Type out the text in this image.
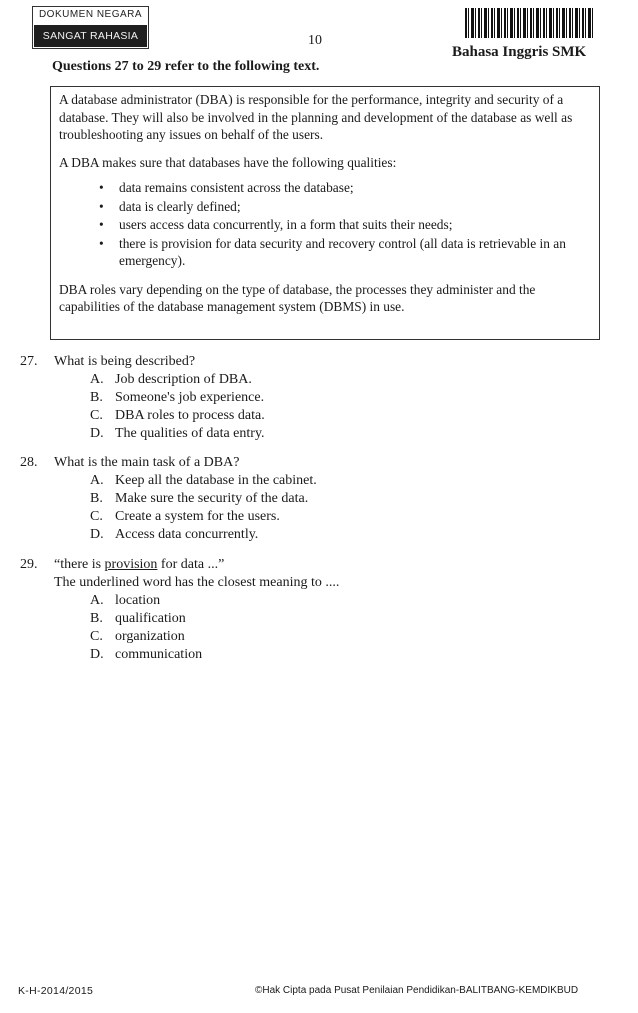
DOKUMEN NEGARA
SANGAT RAHASIA	10
Bahasa Inggris SMK
Questions 27 to 29 refer to the following text.

A database administrator (DBA) is responsible for the performance, integrity and security of a database. They will also be involved in the planning and development of the database as well as troubleshooting any issues on behalf of the users.

A DBA makes sure that databases have the following qualities:

• data remains consistent across the database;
• data is clearly defined;
• users access data concurrently, in a form that suits their needs;
• there is provision for data security and recovery control (all data is retrievable in an emergency).

DBA roles vary depending on the type of database, the processes they administer and the capabilities of the database management system (DBMS) in use.

27. What is being described?
A. Job description of DBA.
B. Someone's job experience.
C. DBA roles to process data.
D. The qualities of data entry.
28. What is the main task of a DBA?
A. Keep all the database in the cabinet.
B. Make sure the security of the data.
C. Create a system for the users.
D. Access data concurrently.
29. “there is provision for data ...”
The underlined word has the closest meaning to ....
A. location
B. qualification
C. organization
D. communication
K-H-2014/2015	©Hak Cipta pada Pusat Penilaian Pendidikan-BALITBANG-KEMDIKBUD
